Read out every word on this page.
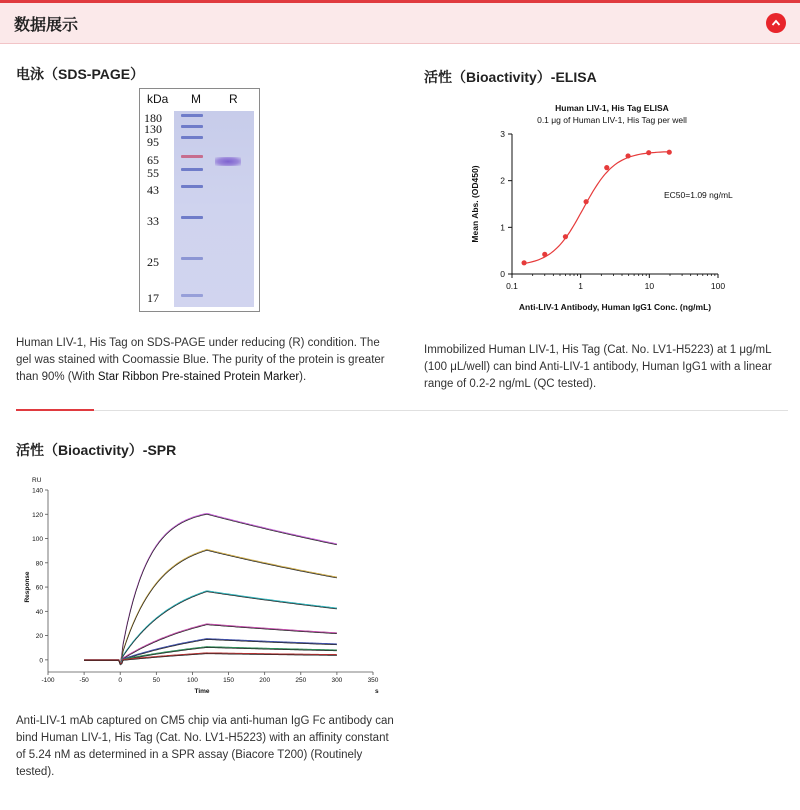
数据展示
电泳（SDS-PAGE）
kDa M R
180
130
95
65
55
43
33
25
17
Human LIV-1, His Tag on SDS-PAGE under reducing (R) condition. The gel was stained with Coomassie Blue. The purity of the protein is greater than 90% (With Star Ribbon Pre-stained Protein Marker).
活性（Bioactivity）-ELISA
Human LIV-1, His Tag ELISA
0.1 μg of Human LIV-1, His Tag per well
0
1
2
3
0.1	1	10	100
EC50=1.09 ng/mL
Anti-LIV-1 Antibody, Human IgG1 Conc. (ng/mL)
Mean Abs. (OD450)
Immobilized Human LIV-1, His Tag (Cat. No. LV1-H5223) at 1 μg/mL (100 μL/well) can bind Anti-LIV-1 antibody, Human IgG1 with a linear range of 0.2-2 ng/mL (QC tested).
活性（Bioactivity）-SPR
RU
Response
0
20
40
60
80
100
120
140
-100	-50	0	50	100	150	200	250	300	350
Time	s
Anti-LIV-1 mAb captured on CM5 chip via anti-human IgG Fc antibody can bind Human LIV-1, His Tag (Cat. No. LV1-H5223) with an affinity constant of 5.24 nM as determined in a SPR assay (Biacore T200) (Routinely tested).
